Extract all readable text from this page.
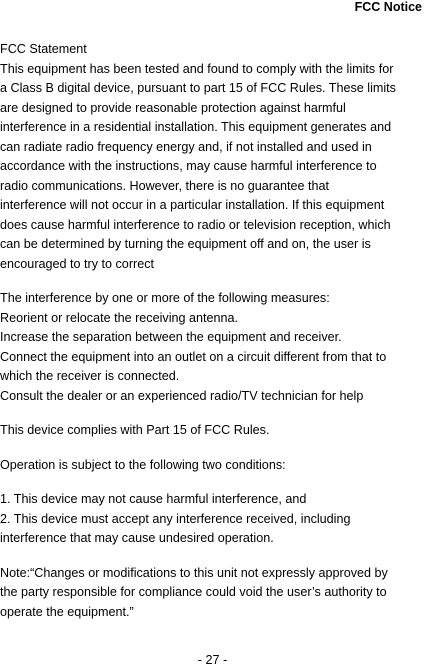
FCC Notice
FCC Statement
This equipment has been tested and found to comply with the limits for
a Class B digital device, pursuant to part 15 of FCC Rules. These limits
are designed to provide reasonable protection against harmful
interference in a residential installation. This equipment generates and
can radiate radio frequency energy and, if not installed and used in
accordance with the instructions, may cause harmful interference to
radio communications. However, there is no guarantee that
interference will not occur in a particular installation. If this equipment
does cause harmful interference to radio or television reception, which
can be determined by turning the equipment off and on, the user is
encouraged to try to correct
The interference by one or more of the following measures:
Reorient or relocate the receiving antenna.
Increase the separation between the equipment and receiver.
Connect the equipment into an outlet on a circuit different from that to
which the receiver is connected.
Consult the dealer or an experienced radio/TV technician for help
This device complies with Part 15 of FCC Rules.
Operation is subject to the following two conditions:
1. This device may not cause harmful interference, and
2. This device must accept any interference received, including
interference that may cause undesired operation.
Note:“Changes or modifications to this unit not expressly approved by
the party responsible for compliance could void the user’s authority to
operate the equipment.”
- 27 -
